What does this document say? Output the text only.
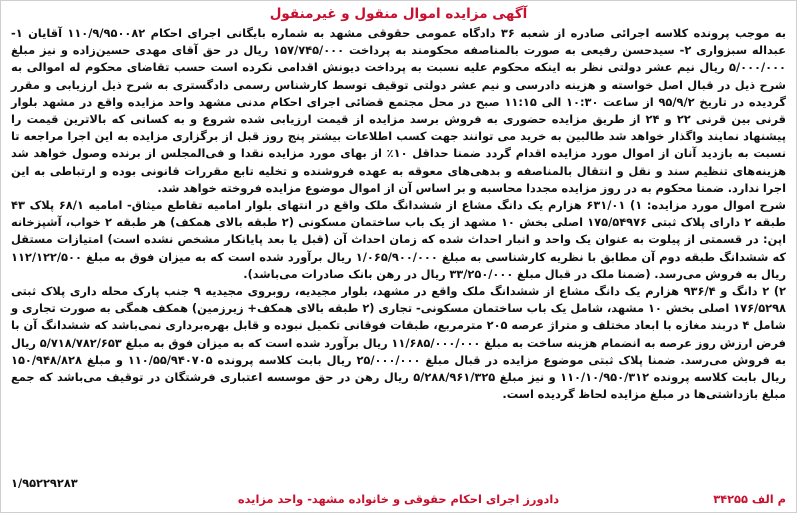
آگهی مزایده اموال منقول و غیرمنقول

به موجب پرونده کلاسه اجرائی صادره از شعبه ۳۶ دادگاه عمومی حقوقی مشهد به شماره بایگانی اجرای احکام ۱۱۰/۹/۹۵۰۰۸۲ آقایان ۱- عبداله سبزواری ۲- سیدحسن رفیعی به صورت بالمناصفه محکومند به پرداخت ۱۵۷/۷۴۵/۰۰۰ ریال در حق آقای مهدی حسین‌زاده و نیز مبلغ ۵/۰۰۰/۰۰۰ ریال نیم عشر دولتی نظر به اینکه محکوم علیه نسبت به پرداخت دیونش اقدامی نکرده است حسب تقاضای محکوم له اموالی به شرح ذیل در قبال اصل خواسته و هزینه دادرسی و نیم عشر دولتی توقیف توسط کارشناس رسمی دادگستری به شرح ذیل ارزیابی و مقرر گردیده در تاریخ ۹۵/۹/۲ از ساعت ۱۰:۳۰ الی ۱۱:۱۵ صبح در محل مجتمع قضائی اجرای احکام مدنی مشهد واحد مزایده واقع در مشهد بلوار قرنی بین قرنی ۲۲ و ۲۴ از طریق مزایده حضوری به فروش برسد مزایده از قیمت ارزیابی شده شروع و به کسانی که بالاترین قیمت را پیشنهاد نمایند واگذار خواهد شد طالبین به خرید می توانند جهت کسب اطلاعات بیشتر پنج روز قبل از برگزاری مزایده به این اجرا مراجعه تا نسبت به بازدید آنان از اموال مورد مزایده اقدام گردد ضمنا حداقل ۱۰٪ از بهای مورد مزایده نقدا و فی‌المجلس از برنده وصول خواهد شد هزینه‌های تنظیم سند و نقل و انتقال بالمناصفه و بدهی‌های معوقه به عهده فروشنده و تخلیه تابع مقررات قانونی بوده و ارتباطی به این اجرا ندارد. ضمنا محکوم به در روز مزایده مجددا محاسبه و بر اساس آن از اموال موضوع مزایده فروخته خواهد شد.

شرح اموال مورد مزایده: ۱) ۶۳۱/۰۱ هزارم یک دانگ مشاع از ششدانگ ملک واقع در انتهای بلوار امامیه تقاطع میثاق- امامیه ۶۸/۱ پلاک ۴۳ طبقه ۲ دارای پلاک ثبتی ۱۷۵/۵۴۹۷۶ اصلی بخش ۱۰ مشهد از یک باب ساختمان مسکونی (۲ طبقه بالای همکف) هر طبقه ۲ خواب، آشپزخانه اپن: در قسمتی از پیلوت به عنوان یک واحد و انبار احداث شده که زمان احداث آن (قبل یا بعد پایانکار مشخص نشده است) امتیازات مستقل که ششدانگ طبقه دوم آن مطابق با نظریه کارشناسی به مبلغ ۱/۰۶۵/۹۰۰/۰۰۰ ریال برآورد شده است که به میزان فوق به مبلغ ۱۱۲/۱۲۲/۵۰۰ ریال به فروش می‌رسد. (ضمنا ملک در قبال مبلغ ۳۳/۲۵۰/۰۰۰ ریال در رهن بانک صادرات می‌باشد).

۲) ۲ دانگ و ۹۳۶/۴ هزارم یک دانگ مشاع از ششدانگ ملک واقع در مشهد، بلوار مجیدیه، روبروی مجیدیه ۹ جنب پارک محله داری پلاک ثبتی ۱۷۶/۵۲۹۸ اصلی بخش ۱۰ مشهد، شامل یک باب ساختمان مسکونی- تجاری (۲ طبقه بالای همکف+ زیرزمین) همکف همگی به صورت تجاری و شامل ۴ دربند مغازه با ابعاد مختلف و متراژ عرصه ۲۰۵ مترمربع، طبقات فوقانی تکمیل نبوده و قابل بهره‌برداری نمی‌باشد که ششدانگ آن با فرض ارزش روز عرصه به انضمام هزینه ساخت به مبلغ ۱۱/۶۸۵/۰۰۰/۰۰۰ ریال برآورد شده است که به میزان فوق به مبلغ ۵/۷۱۸/۷۸۲/۶۵۳ ریال به فروش می‌رسد. ضمنا پلاک ثبتی موضوع مزایده در قبال مبلغ ۲۵/۰۰۰/۰۰۰ ریال بابت کلاسه پرونده ۱۱۰/۵۵/۹۴۰۷۰۵ و مبلغ ۱۵۰/۹۴۸/۸۲۸ ریال بابت کلاسه پرونده ۱۱۰/۱۰/۹۵۰/۳۱۲ و نیز مبلغ ۵/۲۸۸/۹۶۱/۳۲۵ ریال رهن در حق موسسه اعتباری فرشتگان در توقیف می‌باشد که جمع مبلغ بازداشتی‌ها در مبلغ مزایده لحاظ گردیده است.

۱/۹۵۲۲۹۲۸۳
دادورز اجرای احکام حقوقی و خانواده مشهد- واحد مزایده	م الف ۳۴۲۵۵
